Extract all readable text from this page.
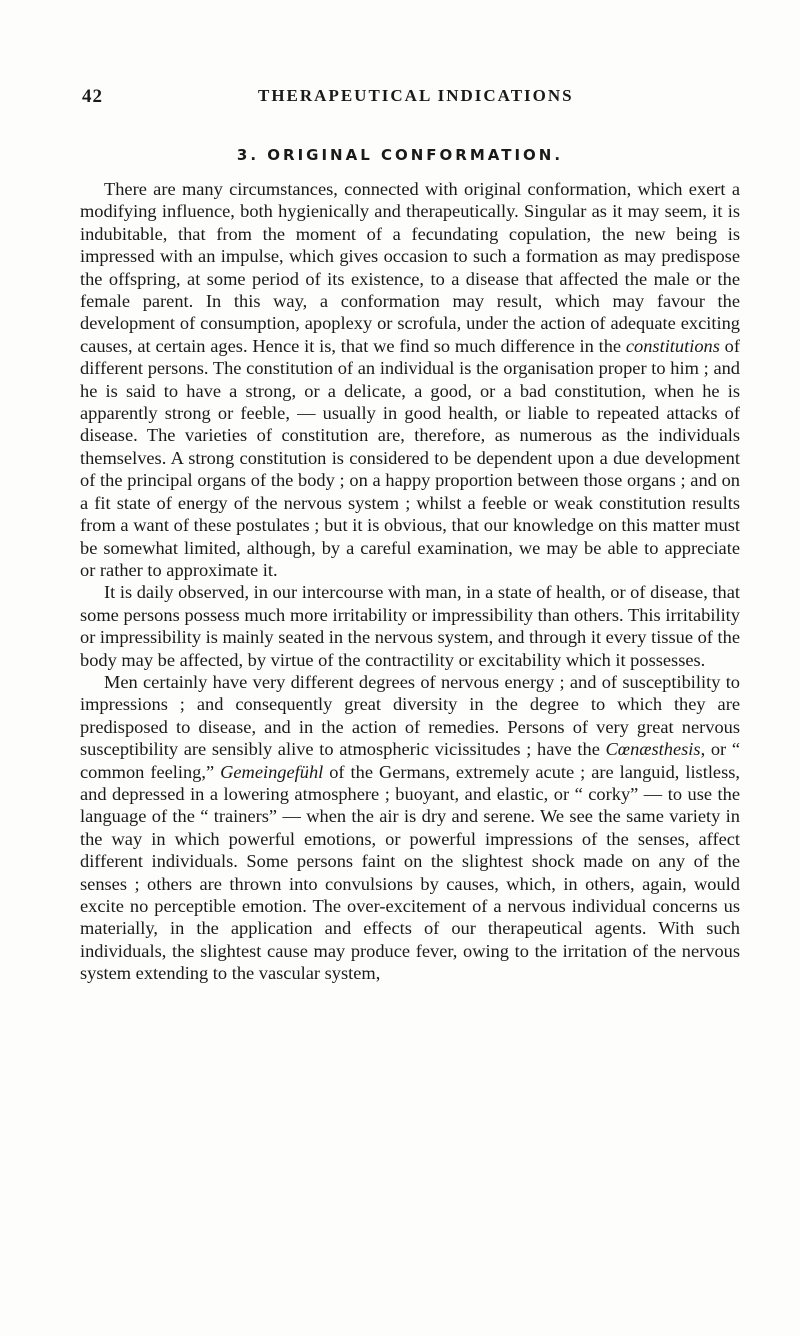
42	THERAPEUTICAL INDICATIONS
3. ORIGINAL CONFORMATION.

There are many circumstances, connected with original conformation, which exert a modifying influence, both hygienically and therapeutically. Singular as it may seem, it is indubitable, that from the moment of a fecundating copulation, the new being is impressed with an impulse, which gives occasion to such a formation as may predispose the offspring, at some period of its existence, to a disease that affected the male or the female parent. In this way, a conformation may result, which may favour the development of consumption, apoplexy or scrofula, under the action of adequate exciting causes, at certain ages. Hence it is, that we find so much difference in the constitutions of different persons. The constitution of an individual is the organisation proper to him ; and he is said to have a strong, or a delicate, a good, or a bad constitution, when he is apparently strong or feeble, — usually in good health, or liable to repeated attacks of disease. The varieties of constitution are, therefore, as numerous as the individuals themselves. A strong constitution is considered to be dependent upon a due development of the principal organs of the body ; on a happy proportion between those organs ; and on a fit state of energy of the nervous system ; whilst a feeble or weak constitution results from a want of these postulates ; but it is obvious, that our knowledge on this matter must be somewhat limited, although, by a careful examination, we may be able to appreciate or rather to approximate it.

It is daily observed, in our intercourse with man, in a state of health, or of disease, that some persons possess much more irritability or impressibility than others. This irritability or impressibility is mainly seated in the nervous system, and through it every tissue of the body may be affected, by virtue of the contractility or excitability which it possesses.

Men certainly have very different degrees of nervous energy ; and of susceptibility to impressions ; and consequently great diversity in the degree to which they are predisposed to disease, and in the action of remedies. Persons of very great nervous susceptibility are sensibly alive to atmospheric vicissitudes ; have the Cœnæsthesis, or “ common feeling,” Gemeingefühl of the Germans, extremely acute ; are languid, listless, and depressed in a lowering atmosphere ; buoyant, and elastic, or “ corky” — to use the language of the “ trainers” — when the air is dry and serene. We see the same variety in the way in which powerful emotions, or powerful impressions of the senses, affect different individuals. Some persons faint on the slightest shock made on any of the senses ; others are thrown into convulsions by causes, which, in others, again, would excite no perceptible emotion. The over-excitement of a nervous individual concerns us materially, in the application and effects of our therapeutical agents. With such individuals, the slightest cause may produce fever, owing to the irritation of the nervous system extending to the vascular system,
